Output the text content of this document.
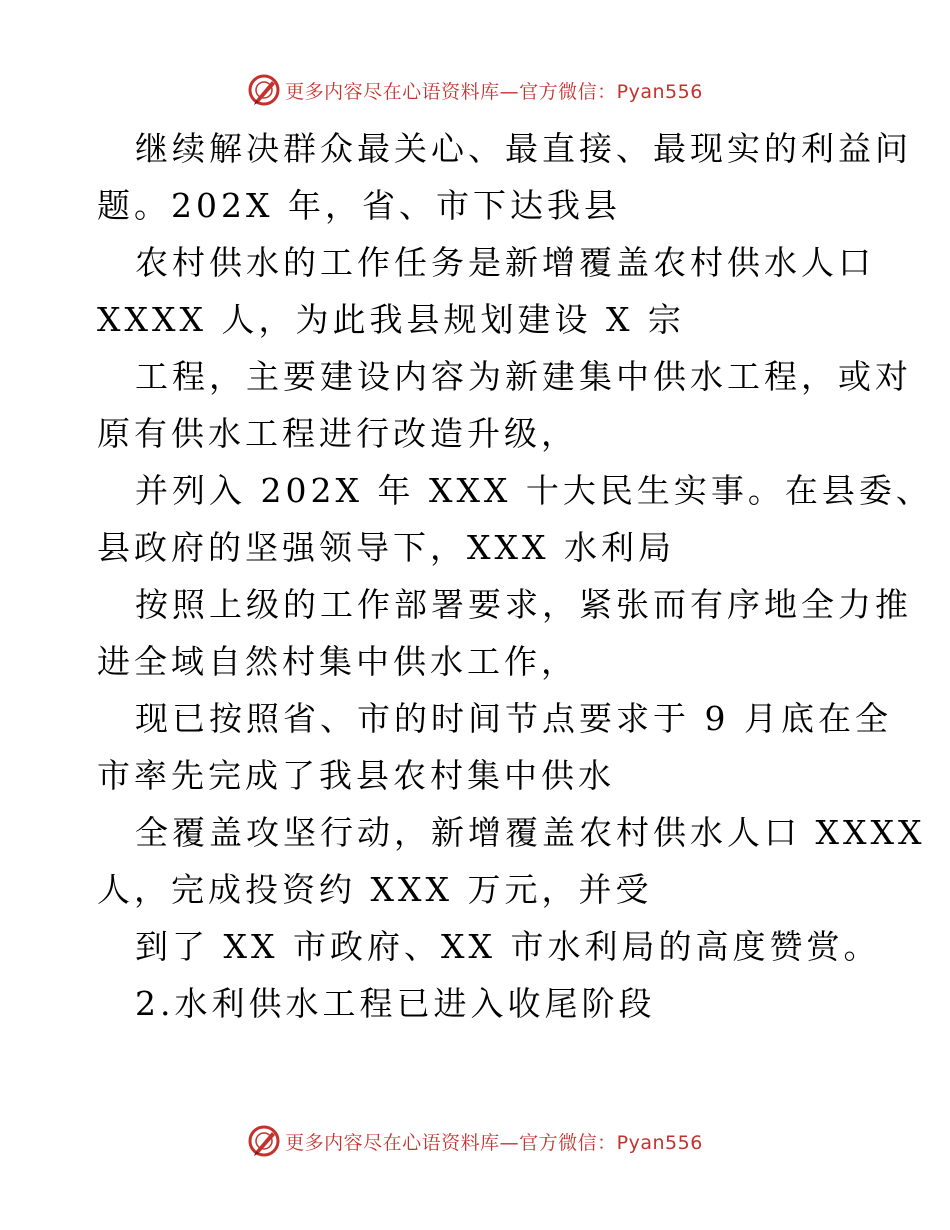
更多内容尽在心语资料库—官方微信：Pyan556
继续解决群众最关心、最直接、最现实的利益问
题。202X 年，省、市下达我县
农村供水的工作任务是新增覆盖农村供水人口
XXXX 人，为此我县规划建设 X 宗
工程，主要建设内容为新建集中供水工程，或对
原有供水工程进行改造升级，
并列入 202X 年 XXX 十大民生实事。在县委、
县政府的坚强领导下，XXX 水利局
按照上级的工作部署要求，紧张而有序地全力推
进全域自然村集中供水工作，
现已按照省、市的时间节点要求于 9 月底在全
市率先完成了我县农村集中供水
全覆盖攻坚行动，新增覆盖农村供水人口 XXXX
人，完成投资约 XXX 万元，并受
到了 XX 市政府、XX 市水利局的高度赞赏。
2.水利供水工程已进入收尾阶段
更多内容尽在心语资料库—官方微信：Pyan556
